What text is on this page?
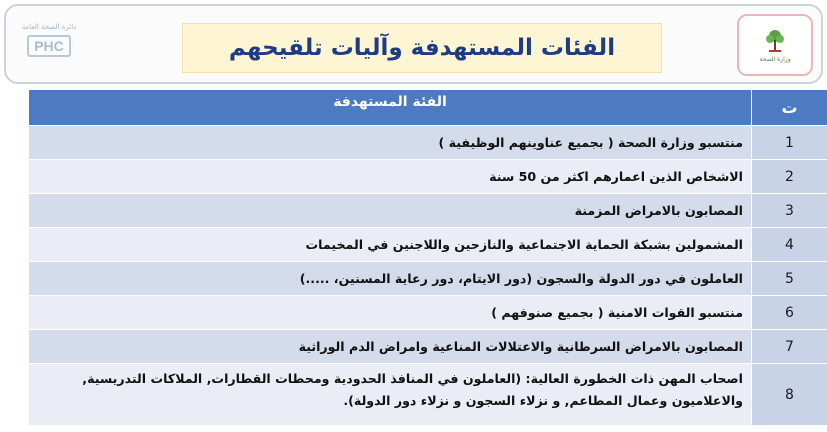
دائرة الصحة العامة
PHC
وزارة الصحة
الفئات المستهدفة وآليات تلقيحهم
ت	الفئة المستهدفة
1	منتسبو وزارة الصحة ( بجميع عناوينهم الوظيفية )
2	الاشخاص الذين اعمارهم اكثر من 50 سنة
3	المصابون بالامراض المزمنة
4	المشمولين بشبكة الحماية الاجتماعية والنازحين واللاجنين في المخيمات
5	العاملون في دور الدولة والسجون (دور الايتام، دور رعاية المسنين، .....)
6	منتسبو القوات الامنية ( بجميع صنوفهم )
7	المصابون بالامراض السرطانية والاعتلالات المناعية وامراض الدم الوراثية
8	اصحاب المهن ذات الخطورة العالية: (العاملون في المنافذ الحدودية ومحطات القطارات, الملاكات التدريسية, والاعلاميون وعمال المطاعم, و نزلاء السجون و نزلاء دور الدولة).
